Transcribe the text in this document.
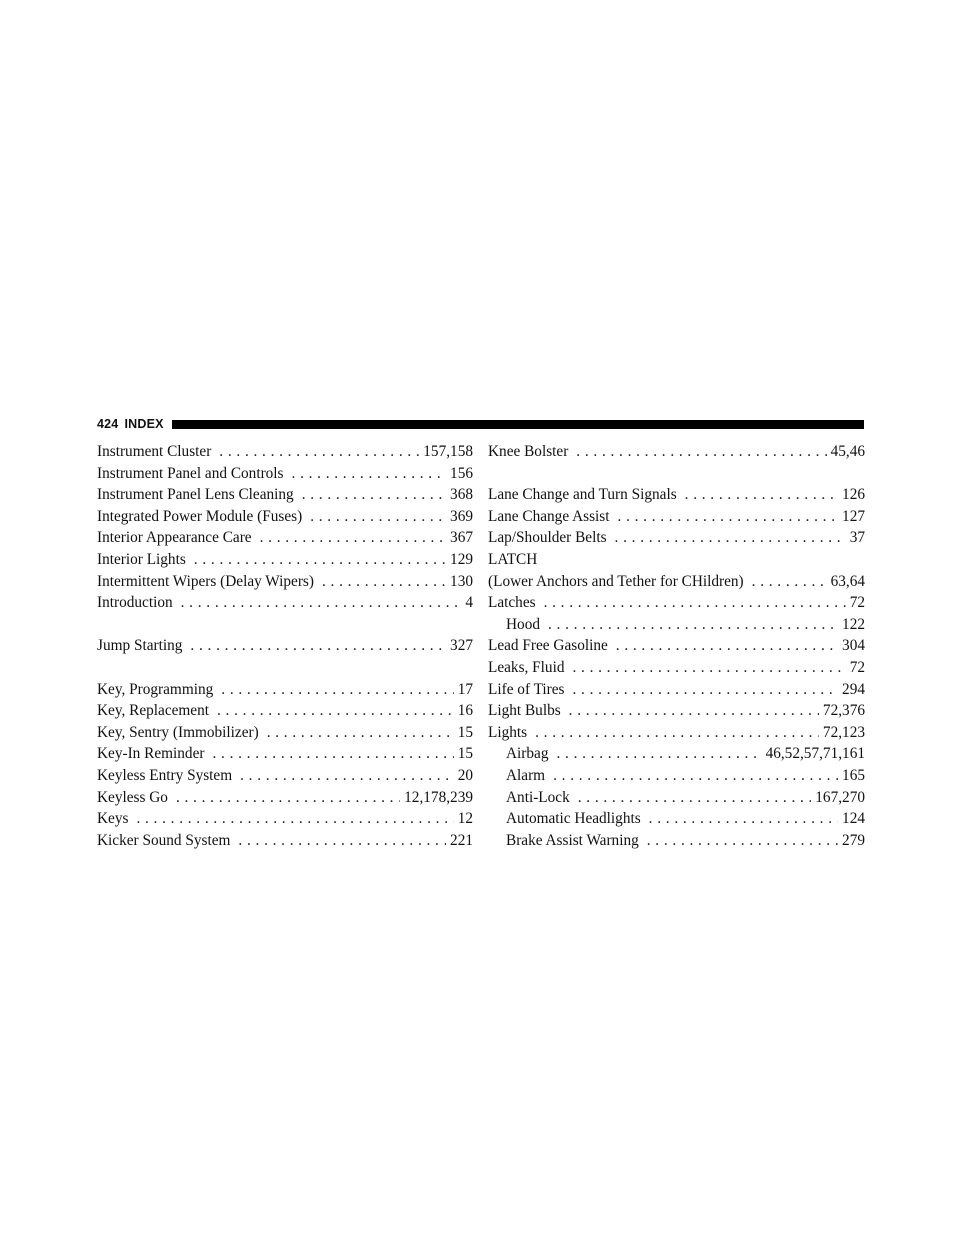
424 INDEX
Instrument Cluster . . .	157,158
Instrument Panel and Controls . . .	156
Instrument Panel Lens Cleaning . . .	368
Integrated Power Module (Fuses) . . .	369
Interior Appearance Care . . .	367
Interior Lights . . .	129
Intermittent Wipers (Delay Wipers) . . .	130
Introduction . . .	4
Jump Starting . . .	327
Key, Programming . . .	17
Key, Replacement . . .	16
Key, Sentry (Immobilizer) . . .	15
Key-In Reminder . . .	15
Keyless Entry System . . .	20
Keyless Go . . .	12,178,239
Keys . . .	12
Kicker Sound System . . .	221
Knee Bolster . . .	45,46
Lane Change and Turn Signals . . .	126
Lane Change Assist . . .	127
Lap/Shoulder Belts . . .	37
LATCH
(Lower Anchors and Tether for CHildren) . . .	63,64
Latches . . .	72
Hood . . .	122
Lead Free Gasoline . . .	304
Leaks, Fluid . . .	72
Life of Tires . . .	294
Light Bulbs . . .	72,376
Lights . . .	72,123
Airbag . . .	46,52,57,71,161
Alarm . . .	165
Anti-Lock . . .	167,270
Automatic Headlights . . .	124
Brake Assist Warning . . .	279
